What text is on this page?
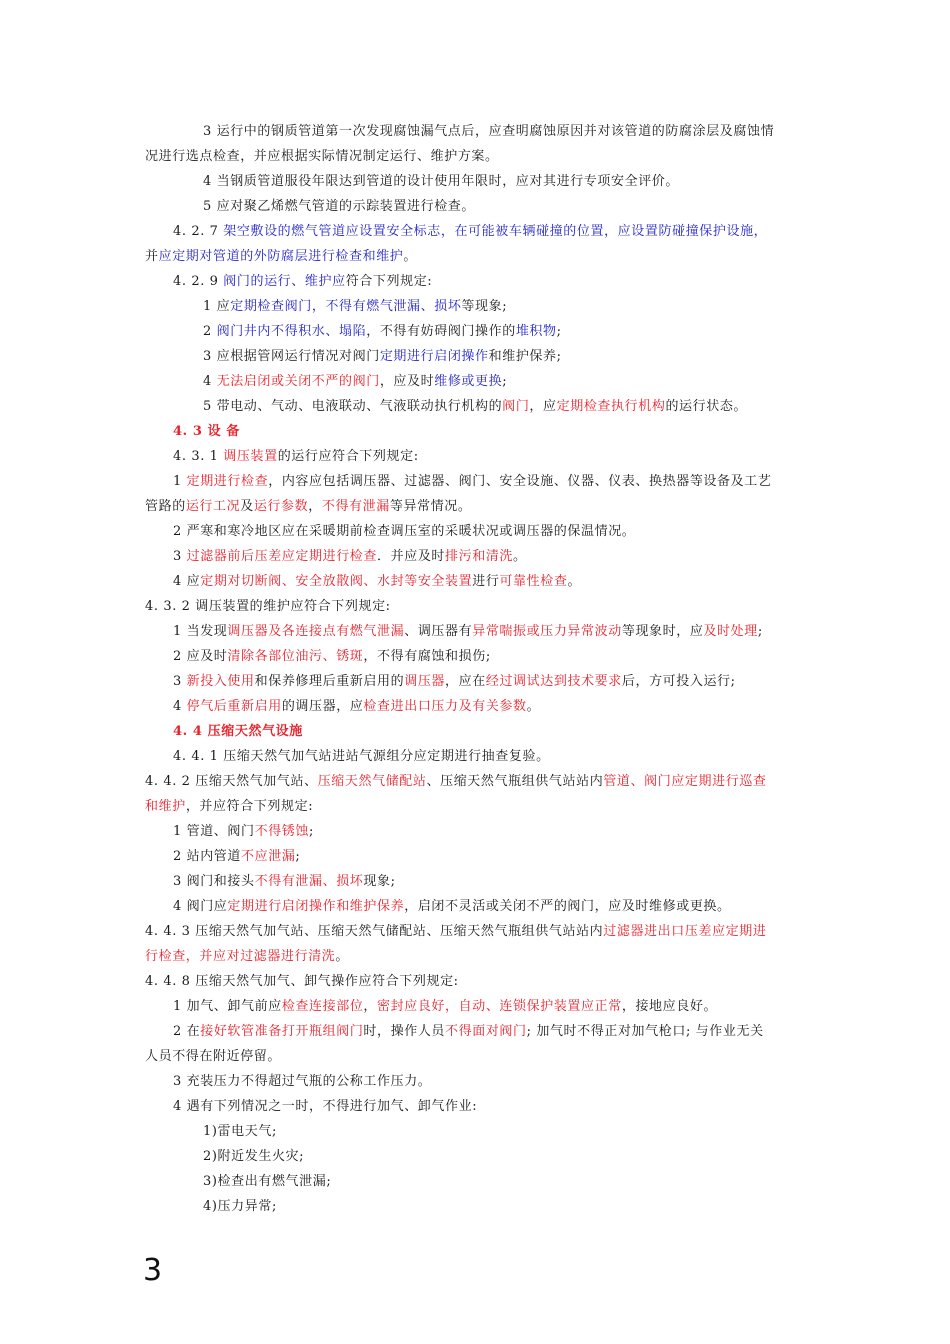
3 运行中的钢质管道第一次发现腐蚀漏气点后，应查明腐蚀原因并对该管道的防腐涂层及腐蚀情
况进行选点检查，并应根据实际情况制定运行、维护方案。
4 当钢质管道服役年限达到管道的设计使用年限时，应对其进行专项安全评价。
5 应对聚乙烯燃气管道的示踪装置进行检查。
4. 2. 7 架空敷设的燃气管道应设置安全标志，在可能被车辆碰撞的位置，应设置防碰撞保护设施，
并应定期对管道的外防腐层进行检查和维护。
4. 2. 9 阀门的运行、维护应符合下列规定:
1 应定期检查阀门，不得有燃气泄漏、损坏等现象;
2 阀门井内不得积水、塌陷，不得有妨碍阀门操作的堆积物;
3 应根据管网运行情况对阀门定期进行启闭操作和维护保养;
4 无法启闭或关闭不严的阀门，应及时维修或更换;
5 带电动、气动、电液联动、气液联动执行机构的阀门，应定期检查执行机构的运行状态。
4. 3 设 备
4. 3. 1 调压装置的运行应符合下列规定:
1 定期进行检查，内容应包括调压器、过滤器、阀门、安全设施、仪器、仪表、换热器等设备及工艺
管路的运行工况及运行参数，不得有泄漏等异常情况。
2 严寒和寒冷地区应在采暖期前检查调压室的采暖状况或调压器的保温情况。
3 过滤器前后压差应定期进行检查．并应及时排污和清洗。
4 应定期对切断阀、安全放散阀、水封等安全装置进行可靠性检查。
4. 3. 2 调压装置的维护应符合下列规定:
1 当发现调压器及各连接点有燃气泄漏、调压器有异常喘振或压力异常波动等现象时，应及时处理;
2 应及时清除各部位油污、锈斑，不得有腐蚀和损伤;
3 新投入使用和保养修理后重新启用的调压器，应在经过调试达到技术要求后，方可投入运行;
4 停气后重新启用的调压器，应检查进出口压力及有关参数。
4. 4 压缩天然气设施
4. 4. 1 压缩天然气加气站进站气源组分应定期进行抽查复验。
4. 4. 2 压缩天然气加气站、压缩天然气储配站、压缩天然气瓶组供气站站内管道、阀门应定期进行巡查
和维护，并应符合下列规定:
1 管道、阀门不得锈蚀;
2 站内管道不应泄漏;
3 阀门和接头不得有泄漏、损坏现象;
4 阀门应定期进行启闭操作和维护保养，启闭不灵活或关闭不严的阀门，应及时维修或更换。
4. 4. 3 压缩天然气加气站、压缩天然气储配站、压缩天然气瓶组供气站站内过滤器进出口压差应定期进
行检查，并应对过滤器进行清洗。
4. 4. 8 压缩天然气加气、卸气操作应符合下列规定:
1 加气、卸气前应检查连接部位，密封应良好，自动、连锁保护装置应正常，接地应良好。
2 在接好软管准备打开瓶组阀门时，操作人员不得面对阀门; 加气时不得正对加气枪口; 与作业无关
人员不得在附近停留。
3 充装压力不得超过气瓶的公称工作压力。
4 遇有下列情况之一时，不得进行加气、卸气作业:
1)雷电天气;
2)附近发生火灾;
3)检查出有燃气泄漏;
4)压力异常;
3
